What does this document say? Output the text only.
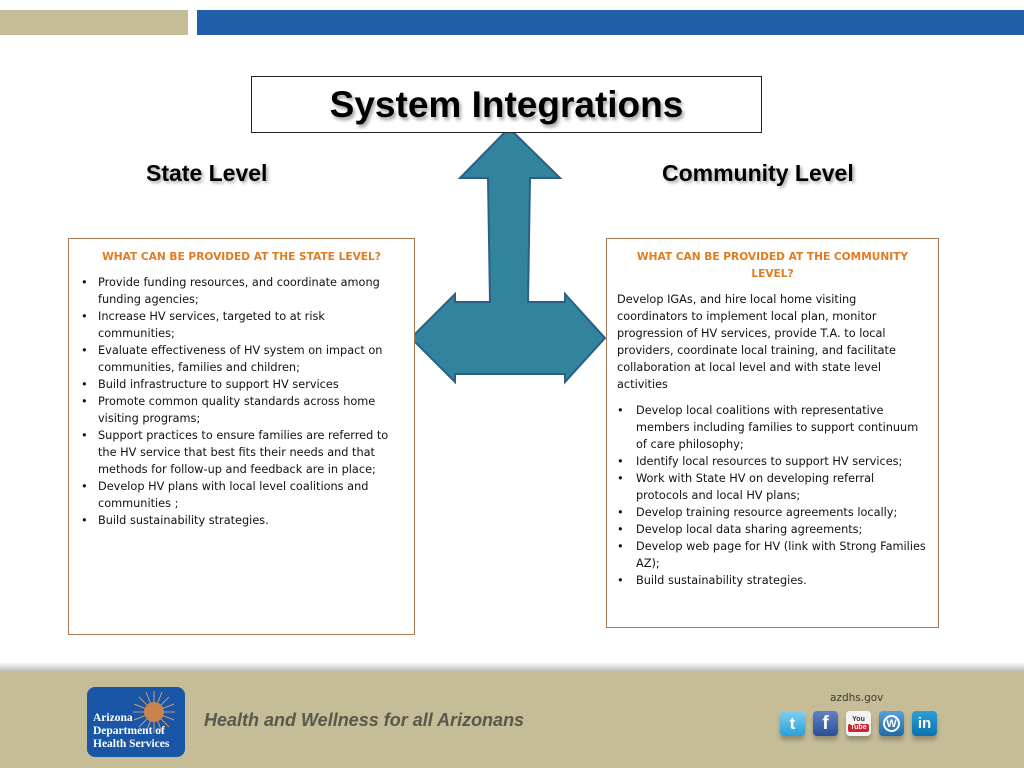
System Integrations
State Level	Community Level
WHAT CAN BE PROVIDED AT THE STATE LEVEL?
• Provide funding resources, and coordinate among funding agencies;
• Increase HV services, targeted to at risk communities;
• Evaluate effectiveness of HV system on impact on communities, families and children;
• Build infrastructure to support HV services
• Promote common quality standards across home visiting programs;
• Support practices to ensure families are referred to the HV service that best fits their needs and that methods for follow-up and feedback are in place;
• Develop HV plans with local level coalitions and communities ;
• Build sustainability strategies.
WHAT CAN BE PROVIDED AT THE COMMUNITY LEVEL?

Develop IGAs, and hire local home visiting coordinators to implement local plan, monitor progression of HV services, provide T.A. to local providers, coordinate local training, and facilitate collaboration at local level and with state level activities

• Develop local coalitions with representative members including families to support continuum of care philosophy;
• Identify local resources to support HV services;
• Work with State HV on developing referral protocols and local HV plans;
• Develop training resource agreements locally;
• Develop local data sharing agreements;
• Develop web page for HV (link with Strong Families AZ);
• Build sustainability strategies.
Arizona
Department of
Health Services
Health and Wellness for all Arizonans
azdhs.gov
t f	You
Tube W in
